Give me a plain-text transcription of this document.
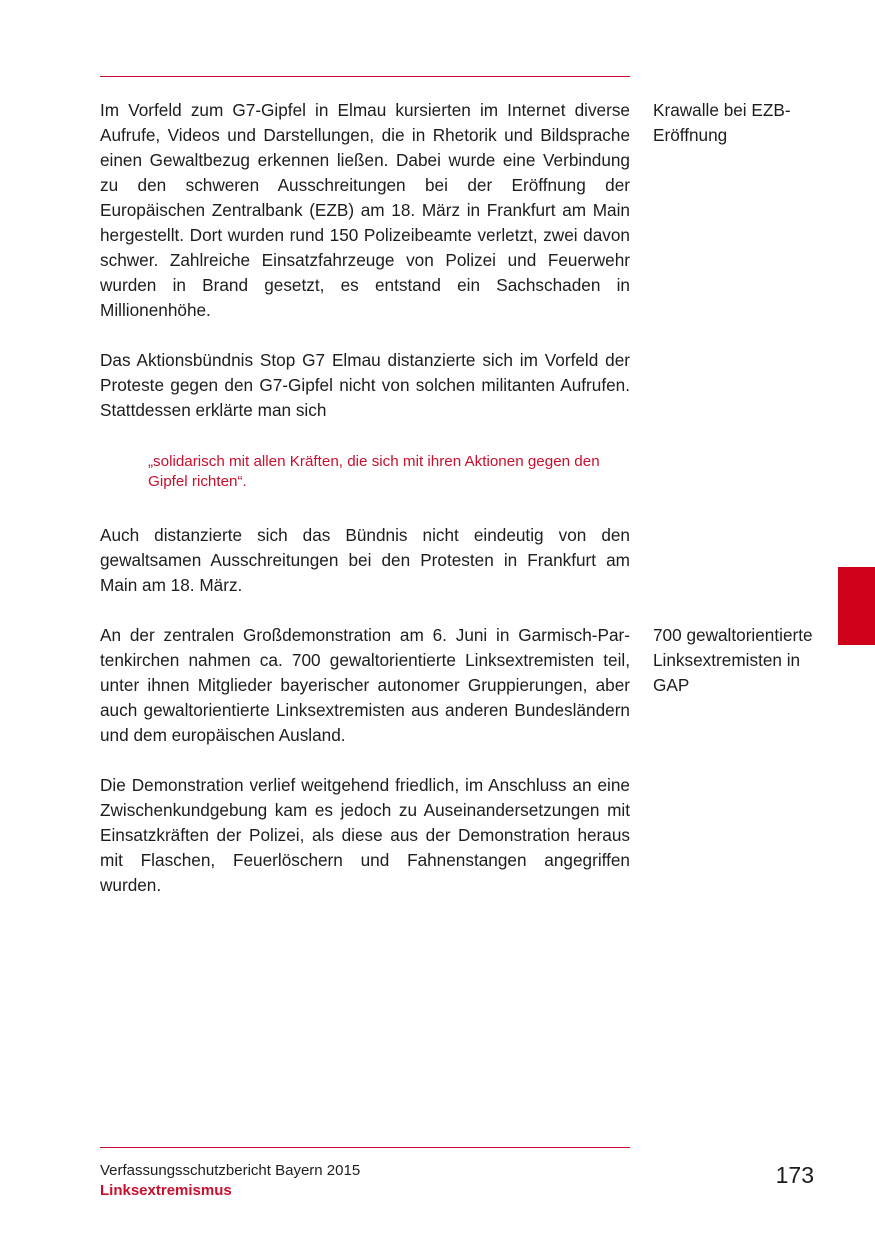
Im Vorfeld zum G7-Gipfel in Elmau kursierten im Internet diverse Aufrufe, Videos und Darstellungen, die in Rhetorik und Bildsprache einen Gewaltbezug erkennen ließen. Dabei wurde eine Verbindung zu den schweren Ausschreitungen bei der Eröffnung der Europäischen Zentralbank (EZB) am 18. März in Frankfurt am Main hergestellt. Dort wurden rund 150 Polizeibeamte verletzt, zwei davon schwer. Zahlreiche Einsatzfahrzeuge von Polizei und Feuerwehr wurden in Brand gesetzt, es entstand ein Sachschaden in Millionenhöhe.

Krawalle bei EZB-Eröffnung

Das Aktionsbündnis Stop G7 Elmau distanzierte sich im Vorfeld der Proteste gegen den G7-Gipfel nicht von solchen militanten Aufrufen. Stattdessen erklärte man sich

„solidarisch mit allen Kräften, die sich mit ihren Aktionen gegen den Gipfel richten“.

Auch distanzierte sich das Bündnis nicht eindeutig von den gewaltsamen Ausschreitungen bei den Protesten in Frankfurt am Main am 18. März.

An der zentralen Großdemonstration am 6. Juni in Garmisch-Partenkirchen nahmen ca. 700 gewaltorientierte Linksextremisten teil, unter ihnen Mitglieder bayerischer autonomer Gruppierungen, aber auch gewaltorientierte Linksextremisten aus anderen Bundesländern und dem europäischen Ausland.

700 gewaltorientierte Linksextremisten in GAP

Die Demonstration verlief weitgehend friedlich, im Anschluss an eine Zwischenkundgebung kam es jedoch zu Auseinandersetzungen mit Einsatzkräften der Polizei, als diese aus der Demonstration heraus mit Flaschen, Feuerlöschern und Fahnenstangen angegriffen wurden.

Verfassungsschutzbericht Bayern 2015

Linksextremismus

173
